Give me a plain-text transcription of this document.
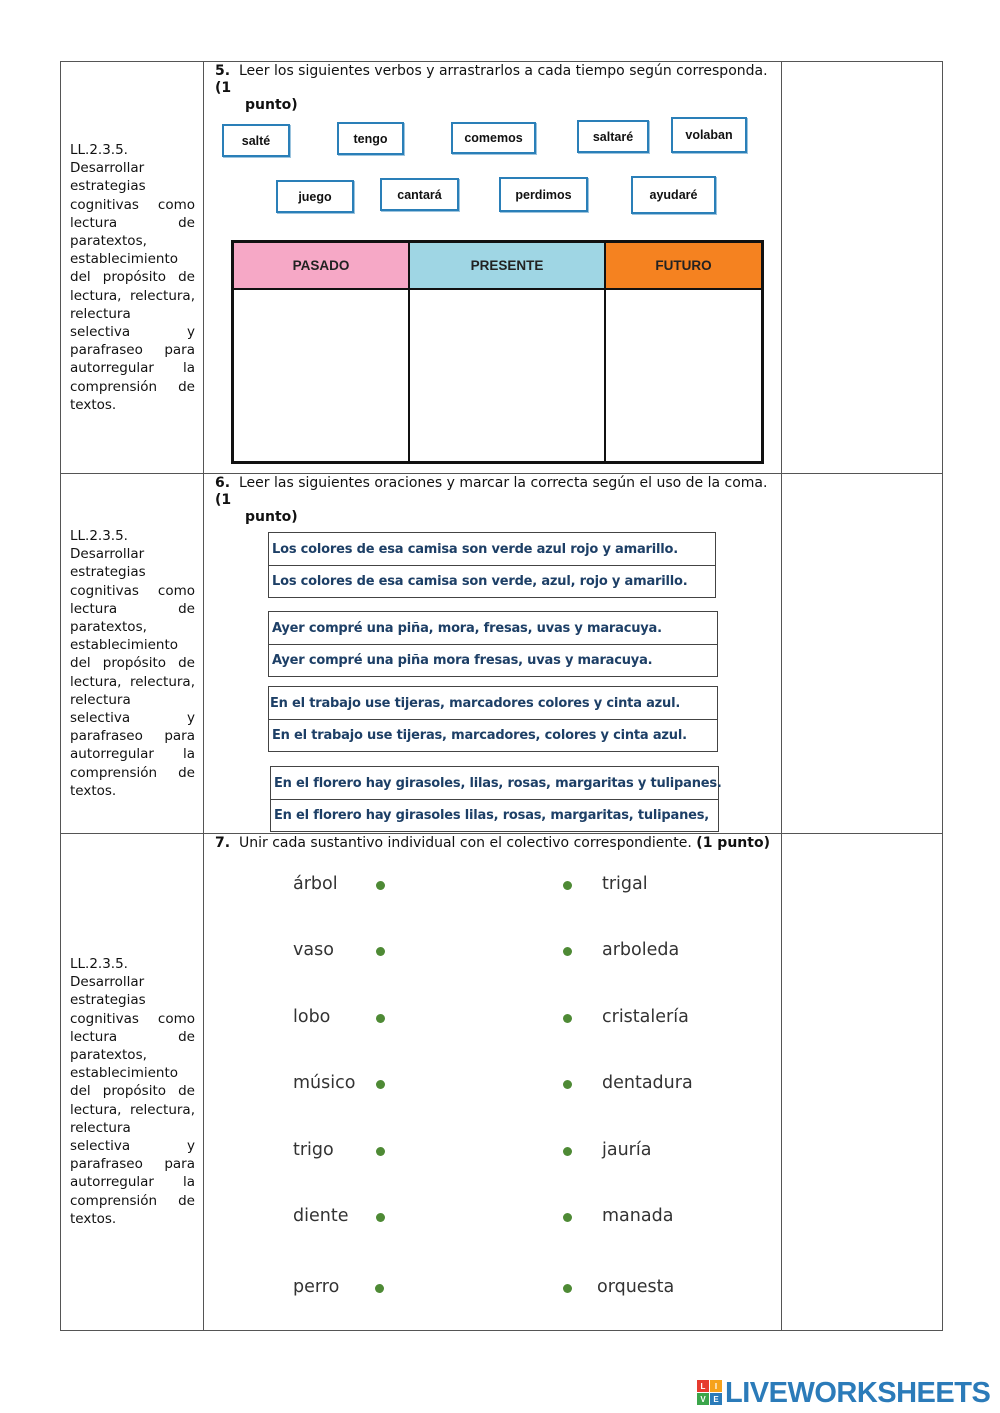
LL.2.3.5.
Desarrollar estrategias cognitivas como lectura de paratextos, establecimiento del propósito de lectura, relectura, relectura selectiva y parafraseo para autorregular la comprensión de textos.

5. Leer los siguientes verbos y arrastrarlos a cada tiempo según corresponda. (1
punto)
salté	tengo	comemos	saltaré	volaban
juego	cantará	perdimos	ayudaré
PASADO	PRESENTE	FUTURO

LL.2.3.5.
Desarrollar estrategias cognitivas como lectura de paratextos, establecimiento del propósito de lectura, relectura, relectura selectiva y parafraseo para autorregular la comprensión de textos.

6. Leer las siguientes oraciones y marcar la correcta según el uso de la coma. (1
punto)
Los colores de esa camisa son verde azul rojo y amarillo.
Los colores de esa camisa son verde, azul, rojo y amarillo.
Ayer compré una piña, mora, fresas, uvas y maracuya.
Ayer compré una piña mora fresas, uvas y maracuya.
En el trabajo use tijeras, marcadores colores y cinta azul.
En el trabajo use tijeras, marcadores, colores y cinta azul.
En el florero hay girasoles, lilas, rosas, margaritas y tulipanes.
En el florero hay girasoles lilas, rosas, margaritas, tulipanes,

LL.2.3.5.
Desarrollar estrategias cognitivas como lectura de paratextos, establecimiento del propósito de lectura, relectura, relectura selectiva y parafraseo para autorregular la comprensión de textos.

7. Unir cada sustantivo individual con el colectivo correspondiente. (1 punto)
árbol	trigal
vaso	arboleda
lobo	cristalería
músico	dentadura
trigo	jauría
diente	manada
perro	orquesta

L	I
V E LIVEWORKSHEETS
